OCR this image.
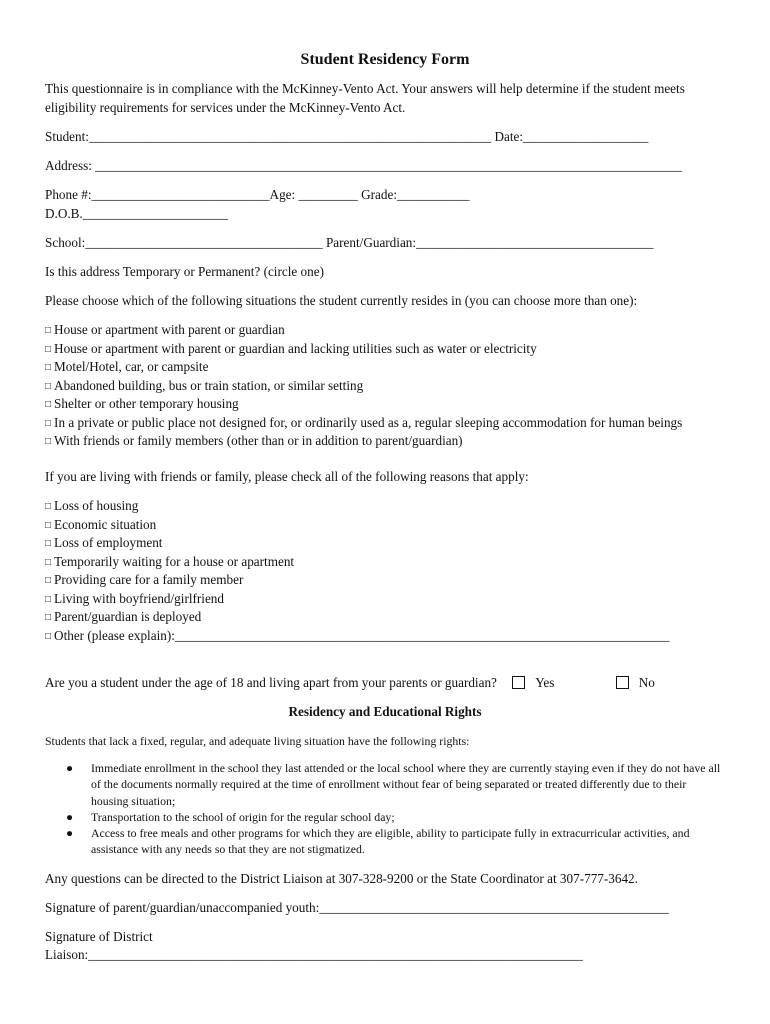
Student Residency Form

This questionnaire is in compliance with the McKinney-Vento Act. Your answers will help determine if the student meets eligibility requirements for services under the McKinney-Vento Act.

Student:_____________________________________________________________ Date:___________________
Address: _________________________________________________________________________________________
Phone #:___________________________Age: _________ Grade:___________
D.O.B.______________________
School:____________________________________ Parent/Guardian:____________________________________
Is this address Temporary or Permanent? (circle one)
Please choose which of the following situations the student currently resides in (you can choose more than one):
□ House or apartment with parent or guardian
□ House or apartment with parent or guardian and lacking utilities such as water or electricity
□ Motel/Hotel, car, or campsite
□ Abandoned building, bus or train station, or similar setting
□ Shelter or other temporary housing
□ In a private or public place not designed for, or ordinarily used as a, regular sleeping accommodation for human beings
□ With friends or family members (other than or in addition to parent/guardian)
If you are living with friends or family, please check all of the following reasons that apply:
□ Loss of housing
□ Economic situation
□ Loss of employment
□ Temporarily waiting for a house or apartment
□ Providing care for a family member
□ Living with boyfriend/girlfriend
□ Parent/guardian is deployed
□ Other (please explain):___________________________________________________________________________
Are you a student under the age of 18 and living apart from your parents or guardian?	Yes	No
Residency and Educational Rights
Students that lack a fixed, regular, and adequate living situation have the following rights:
● Immediate enrollment in the school they last attended or the local school where they are currently staying even if they do not have all of the documents normally required at the time of enrollment without fear of being separated or treated differently due to their housing situation;
● Transportation to the school of origin for the regular school day;
● Access to free meals and other programs for which they are eligible, ability to participate fully in extracurricular activities, and assistance with any needs so that they are not stigmatized.
Any questions can be directed to the District Liaison at 307-328-9200 or the State Coordinator at 307-777-3642.
Signature of parent/guardian/unaccompanied youth:_____________________________________________________
Signature of District
Liaison:___________________________________________________________________________
